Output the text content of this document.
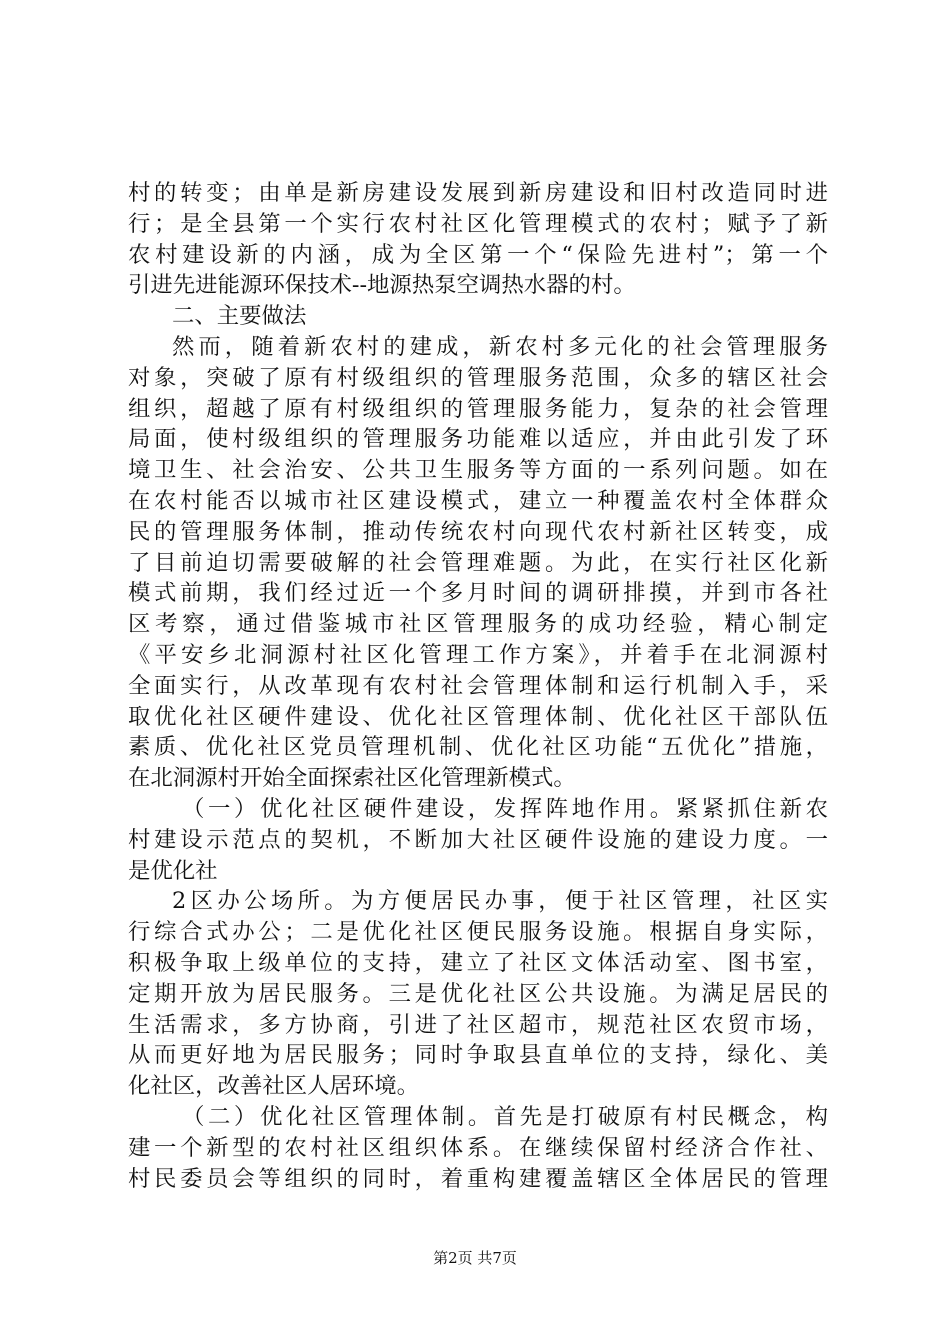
村的转变；由单是新房建设发展到新房建设和旧村改造同时进
行；是全县第一个实行农村社区化管理模式的农村；赋予了新
农村建设新的内涵，成为全区第一个“保险先进村”；第一个
引进先进能源环保技术--地源热泵空调热水器的村。
二、主要做法
然而，随着新农村的建成，新农村多元化的社会管理服务
对象，突破了原有村级组织的管理服务范围，众多的辖区社会
组织，超越了原有村级组织的管理服务能力，复杂的社会管理
局面，使村级组织的管理服务功能难以适应，并由此引发了环
境卫生、社会治安、公共卫生服务等方面的一系列问题。如在
在农村能否以城市社区建设模式，建立一种覆盖农村全体群众
民的管理服务体制，推动传统农村向现代农村新社区转变，成
了目前迫切需要破解的社会管理难题。为此，在实行社区化新
模式前期，我们经过近一个多月时间的调研排摸，并到市各社
区考察，通过借鉴城市社区管理服务的成功经验，精心制定
《平安乡北洞源村社区化管理工作方案》，并着手在北洞源村
全面实行，从改革现有农村社会管理体制和运行机制入手，采
取优化社区硬件建设、优化社区管理体制、优化社区干部队伍
素质、优化社区党员管理机制、优化社区功能“五优化”措施，
在北洞源村开始全面探索社区化管理新模式。
（一）优化社区硬件建设，发挥阵地作用。紧紧抓住新农
村建设示范点的契机，不断加大社区硬件设施的建设力度。一
是优化社
2区办公场所。为方便居民办事，便于社区管理，社区实
行综合式办公；二是优化社区便民服务设施。根据自身实际，
积极争取上级单位的支持，建立了社区文体活动室、图书室，
定期开放为居民服务。三是优化社区公共设施。为满足居民的
生活需求，多方协商，引进了社区超市，规范社区农贸市场，
从而更好地为居民服务；同时争取县直单位的支持，绿化、美
化社区，改善社区人居环境。
（二）优化社区管理体制。首先是打破原有村民概念，构
建一个新型的农村社区组织体系。在继续保留村经济合作社、
村民委员会等组织的同时，着重构建覆盖辖区全体居民的管理
第2页 共7页
